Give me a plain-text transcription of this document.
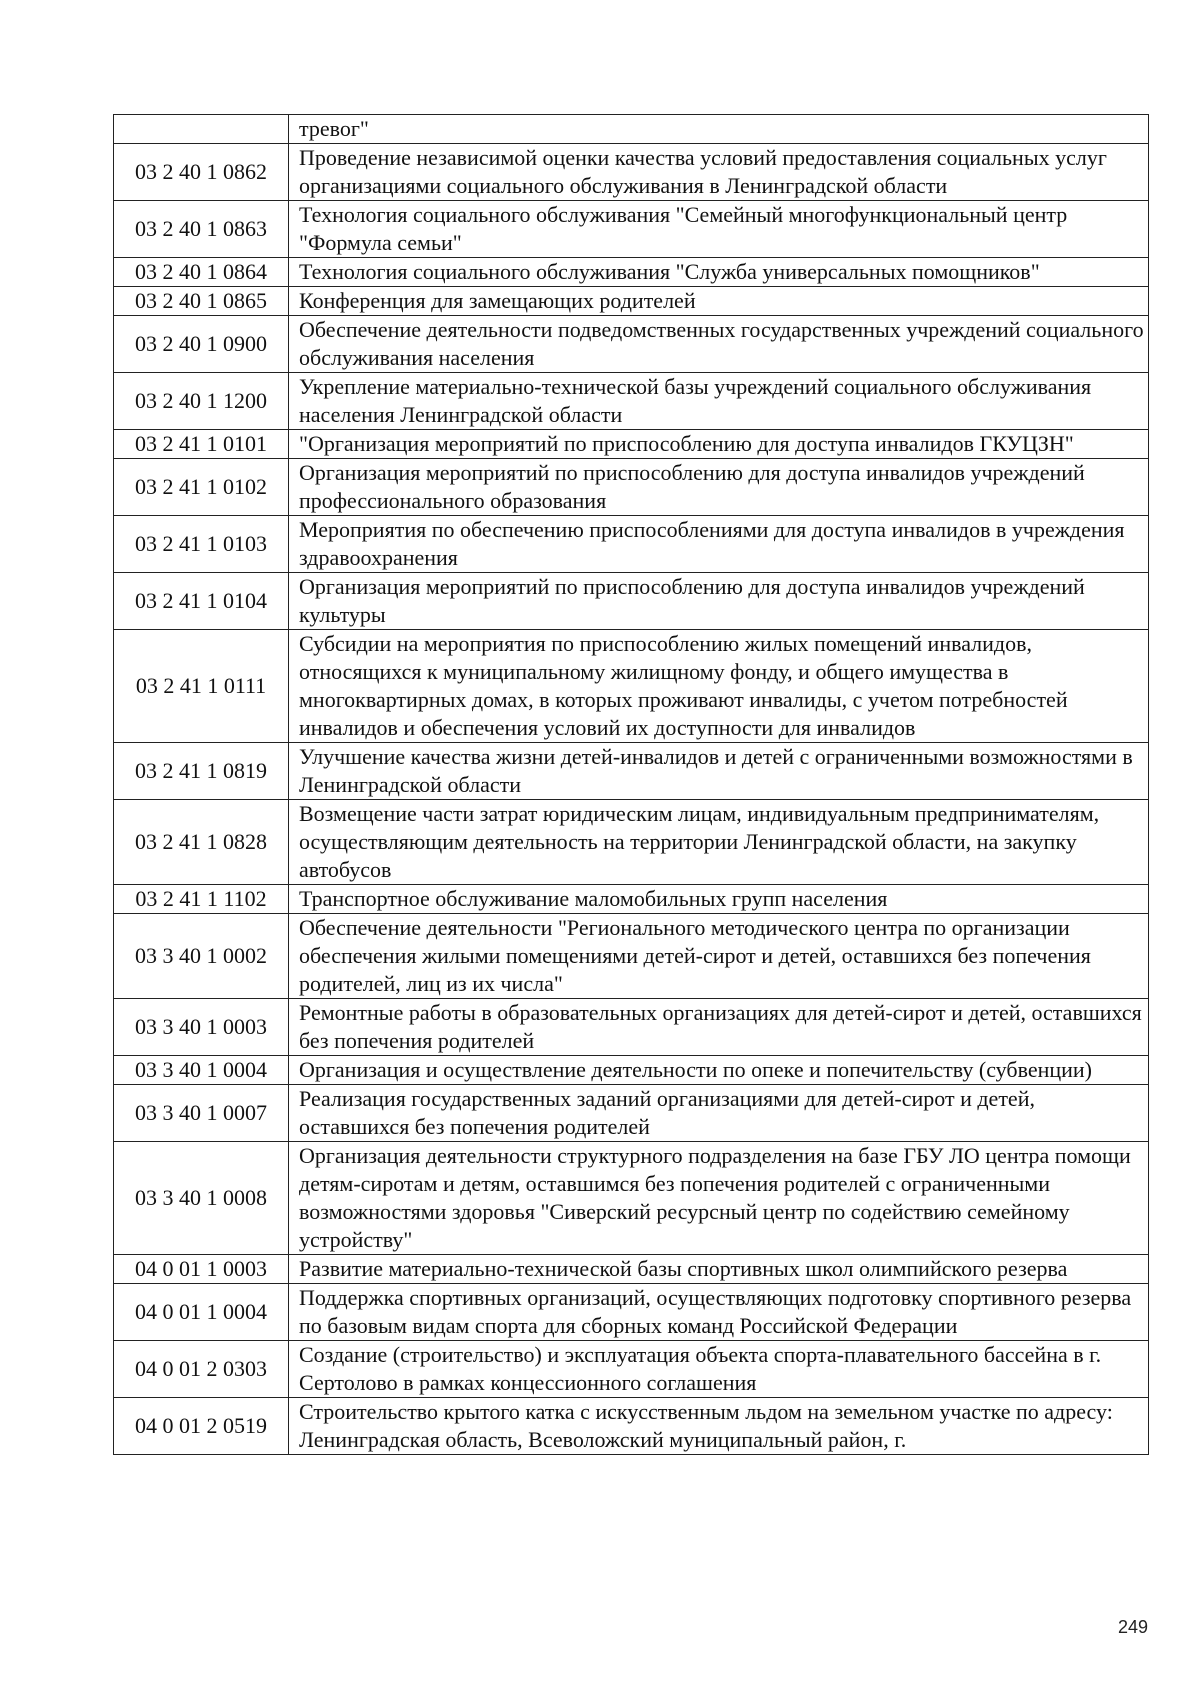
	тревог"
03 2 40 1 0862	Проведение независимой оценки качества условий предоставления социальных услуг организациями социального обслуживания в Ленинградской области
03 2 40 1 0863	Технология социального обслуживания "Семейный многофункциональный центр "Формула семьи"
03 2 40 1 0864	Технология социального обслуживания "Служба универсальных помощников"
03 2 40 1 0865	Конференция для замещающих родителей
03 2 40 1 0900	Обеспечение деятельности подведомственных государственных учреждений социального обслуживания населения
03 2 40 1 1200	Укрепление материально-технической базы учреждений социального обслуживания населения Ленинградской области
03 2 41 1 0101	"Организация мероприятий по приспособлению для доступа инвалидов ГКУЦЗН"
03 2 41 1 0102	Организация мероприятий по приспособлению для доступа инвалидов учреждений профессионального образования
03 2 41 1 0103	Мероприятия по обеспечению приспособлениями для доступа инвалидов в учреждения здравоохранения
03 2 41 1 0104	Организация мероприятий по приспособлению для доступа инвалидов учреждений культуры
03 2 41 1 0111	Субсидии на мероприятия по приспособлению жилых помещений инвалидов, относящихся к муниципальному жилищному фонду, и общего имущества в многоквартирных домах, в которых проживают инвалиды, с учетом потребностей инвалидов и обеспечения условий их доступности для инвалидов
03 2 41 1 0819	Улучшение качества жизни детей-инвалидов и детей с ограниченными возможностями в Ленинградской области
03 2 41 1 0828	Возмещение части затрат юридическим лицам, индивидуальным предпринимателям, осуществляющим деятельность на территории Ленинградской области, на закупку автобусов
03 2 41 1 1102	Транспортное обслуживание маломобильных групп населения
03 3 40 1 0002	Обеспечение деятельности "Регионального методического центра по организации обеспечения жилыми помещениями детей-сирот и детей, оставшихся без попечения родителей, лиц из их числа"
03 3 40 1 0003	Ремонтные работы в образовательных организациях для детей-сирот и детей, оставшихся без попечения родителей
03 3 40 1 0004	Организация и осуществление деятельности по опеке и попечительству (субвенции)
03 3 40 1 0007	Реализация государственных заданий организациями для детей-сирот и детей, оставшихся без попечения родителей
03 3 40 1 0008	Организация деятельности структурного подразделения на базе ГБУ ЛО центра помощи детям-сиротам и детям, оставшимся без попечения родителей с ограниченными возможностями здоровья "Сиверский ресурсный центр по содействию семейному устройству"
04 0 01 1 0003	Развитие материально-технической базы спортивных школ олимпийского резерва
04 0 01 1 0004	Поддержка спортивных организаций, осуществляющих подготовку спортивного резерва по базовым видам спорта для сборных команд Российской Федерации
04 0 01 2 0303	Создание (строительство) и эксплуатация объекта спорта-плавательного бассейна в г. Сертолово в рамках концессионного соглашения
04 0 01 2 0519	Строительство крытого катка с искусственным льдом на земельном участке по адресу: Ленинградская область, Всеволожский муниципальный район, г.
249
